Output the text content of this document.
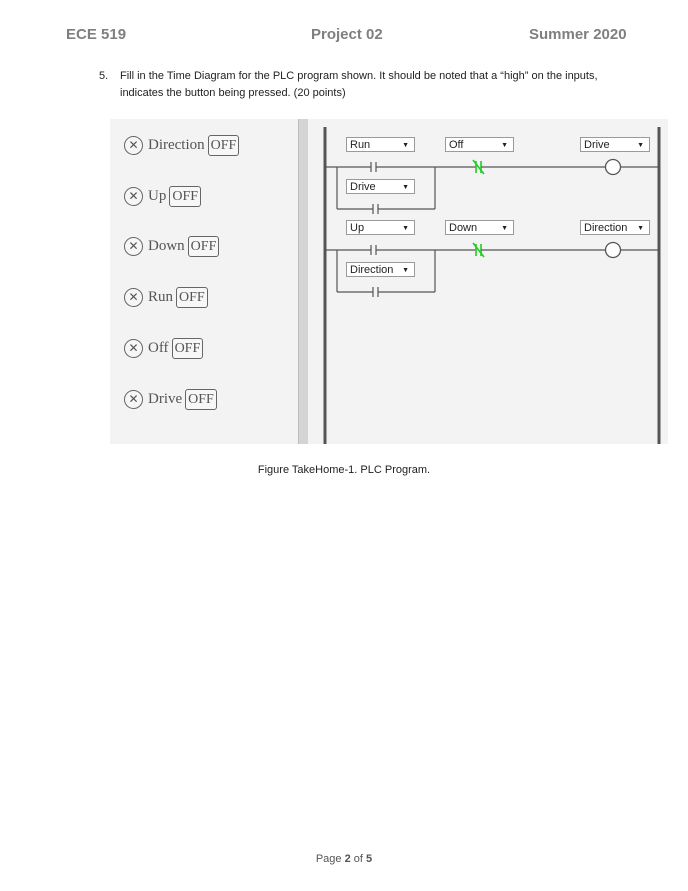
ECE 519	Project 02	Summer 2020
5. Fill in the Time Diagram for the PLC program shown. It should be noted that a “high” on the inputs, indicates the button being pressed. (20 points)
✕ Direction OFF
✕ Up OFF
✕ Down OFF
✕ Run OFF
✕ Off OFF
✕ Drive OFF
Run	▼	Off	▼	Drive	▼
Drive	▼
Up	▼	Down	▼	Direction ▼
Direction ▼
Figure TakeHome-1. PLC Program.
Page 2 of 5
